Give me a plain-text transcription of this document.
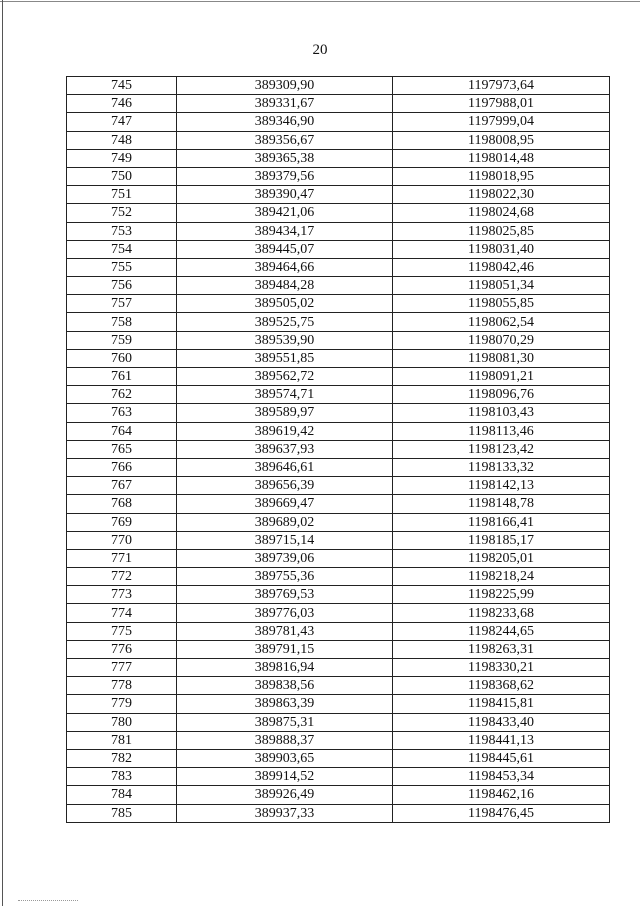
20
745	389309,90	1197973,64
746	389331,67	1197988,01
747	389346,90	1197999,04
748	389356,67	1198008,95
749	389365,38	1198014,48
750	389379,56	1198018,95
751	389390,47	1198022,30
752	389421,06	1198024,68
753	389434,17	1198025,85
754	389445,07	1198031,40
755	389464,66	1198042,46
756	389484,28	1198051,34
757	389505,02	1198055,85
758	389525,75	1198062,54
759	389539,90	1198070,29
760	389551,85	1198081,30
761	389562,72	1198091,21
762	389574,71	1198096,76
763	389589,97	1198103,43
764	389619,42	1198113,46
765	389637,93	1198123,42
766	389646,61	1198133,32
767	389656,39	1198142,13
768	389669,47	1198148,78
769	389689,02	1198166,41
770	389715,14	1198185,17
771	389739,06	1198205,01
772	389755,36	1198218,24
773	389769,53	1198225,99
774	389776,03	1198233,68
775	389781,43	1198244,65
776	389791,15	1198263,31
777	389816,94	1198330,21
778	389838,56	1198368,62
779	389863,39	1198415,81
780	389875,31	1198433,40
781	389888,37	1198441,13
782	389903,65	1198445,61
783	389914,52	1198453,34
784	389926,49	1198462,16
785	389937,33	1198476,45
